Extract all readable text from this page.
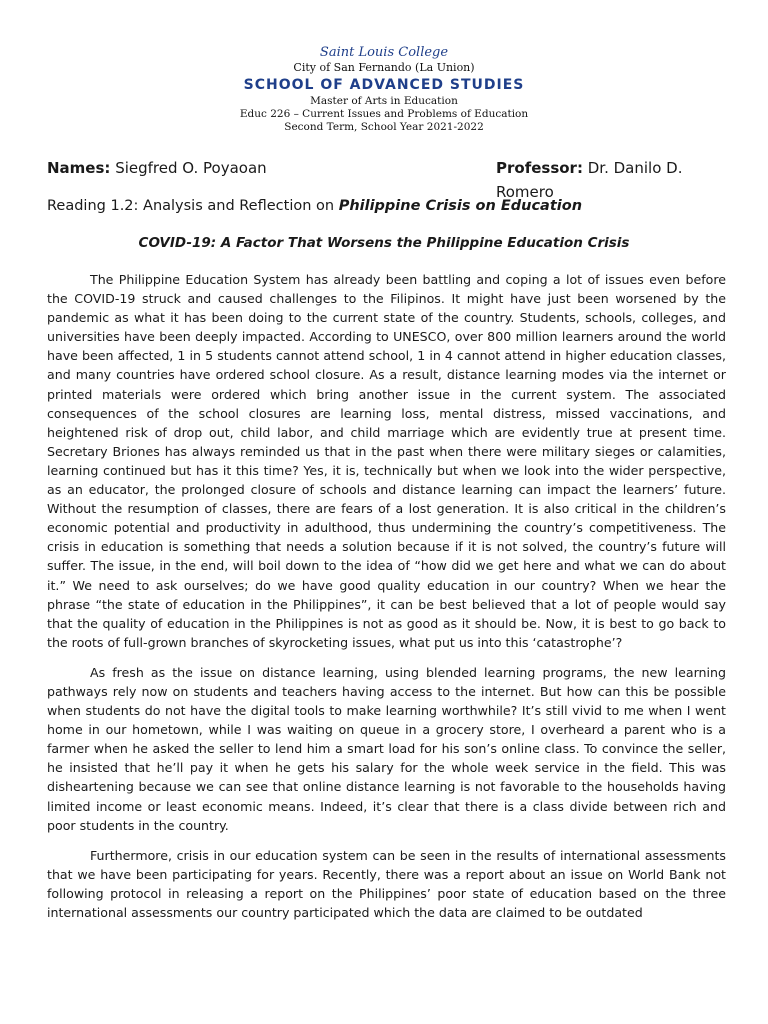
Saint Louis College
City of San Fernando (La Union)
SCHOOL OF ADVANCED STUDIES
Master of Arts in Education
Educ 226 – Current Issues and Problems of Education
Second Term, School Year 2021-2022
Names: Siegfred O. Poyaoan	Professor: Dr. Danilo D. Romero
Reading 1.2: Analysis and Reflection on Philippine Crisis on Education
COVID-19: A Factor That Worsens the Philippine Education Crisis

The Philippine Education System has already been battling and coping a lot of issues even before the COVID-19 struck and caused challenges to the Filipinos. It might have just been worsened by the pandemic as what it has been doing to the current state of the country. Students, schools, colleges, and universities have been deeply impacted. According to UNESCO, over 800 million learners around the world have been affected, 1 in 5 students cannot attend school, 1 in 4 cannot attend in higher education classes, and many countries have ordered school closure. As a result, distance learning modes via the internet or printed materials were ordered which bring another issue in the current system. The associated consequences of the school closures are learning loss, mental distress, missed vaccinations, and heightened risk of drop out, child labor, and child marriage which are evidently true at present time. Secretary Briones has always reminded us that in the past when there were military sieges or calamities, learning continued but has it this time? Yes, it is, technically but when we look into the wider perspective, as an educator, the prolonged closure of schools and distance learning can impact the learners’ future. Without the resumption of classes, there are fears of a lost generation. It is also critical in the children’s economic potential and productivity in adulthood, thus undermining the country’s competitiveness. The crisis in education is something that needs a solution because if it is not solved, the country’s future will suffer. The issue, in the end, will boil down to the idea of “how did we get here and what we can do about it.” We need to ask ourselves; do we have good quality education in our country? When we hear the phrase “the state of education in the Philippines”, it can be best believed that a lot of people would say that the quality of education in the Philippines is not as good as it should be. Now, it is best to go back to the roots of full-grown branches of skyrocketing issues, what put us into this ‘catastrophe’?

As fresh as the issue on distance learning, using blended learning programs, the new learning pathways rely now on students and teachers having access to the internet. But how can this be possible when students do not have the digital tools to make learning worthwhile? It’s still vivid to me when I went home in our hometown, while I was waiting on queue in a grocery store, I overheard a parent who is a farmer when he asked the seller to lend him a smart load for his son’s online class. To convince the seller, he insisted that he’ll pay it when he gets his salary for the whole week service in the field. This was disheartening because we can see that online distance learning is not favorable to the households having limited income or least economic means. Indeed, it’s clear that there is a class divide between rich and poor students in the country.

Furthermore, crisis in our education system can be seen in the results of international assessments that we have been participating for years. Recently, there was a report about an issue on World Bank not following protocol in releasing a report on the Philippines’ poor state of education based on the three international assessments our country participated which the data are claimed to be outdated
